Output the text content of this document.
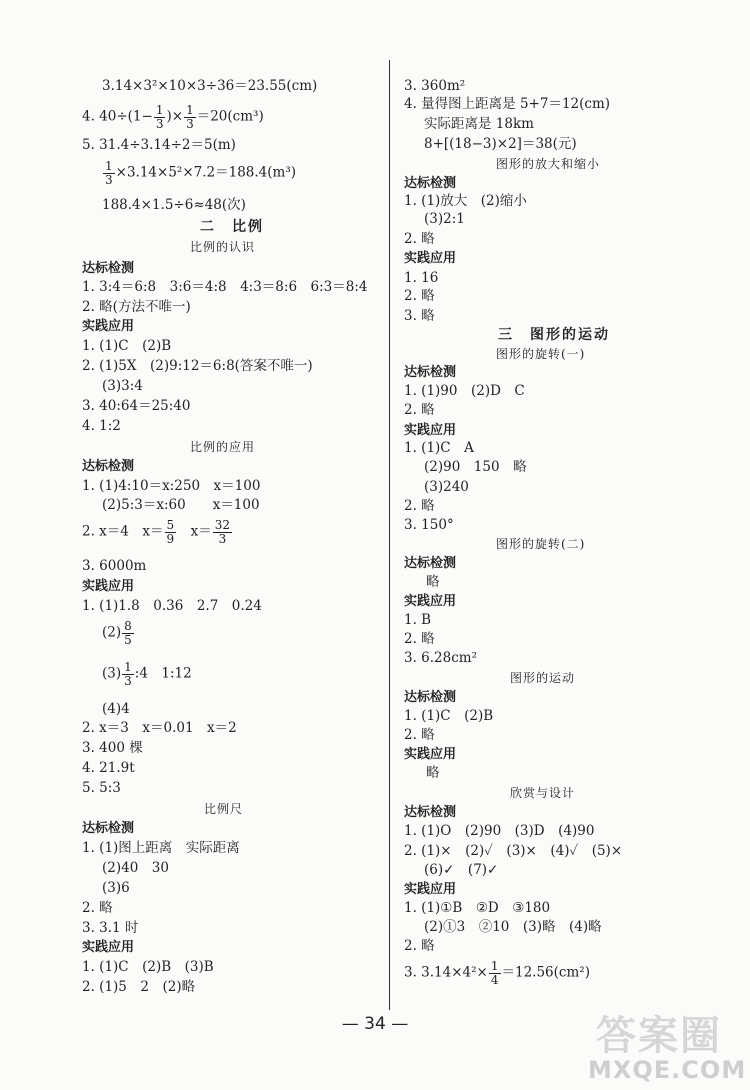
3.14×3²×10×3÷36＝23.55(cm)
4. $40\div(1- \frac{1}{3}$ )× $\frac{1}{3} =20(cm^3)$
5. 31.4÷3.14÷2＝5(m)
$\frac{1}{3} \times 3.14\times 5^2\times 7.2=188.4(m^3)$
188.4×1.5÷6≈48(次)
二　比例
比例的认识
达标检测
1. 3:4＝6:8　3:6＝4:8　4:3＝8:6　6:3＝8:4
2. 略(方法不唯一)
实践应用
1. (1)C　(2)B
2. (1)5X　(2)9:12＝6:8(答案不唯一)
(3)3:4
3. 40:64＝25:40
4. 1:2
比例的应用
达标检测
1. (1)4:10＝x:250　x＝100
(2)5:3＝x:60　　x＝100
2. x＝4　$x= \frac{5}{9}$ 　$x= \frac{32}{3}$
3. 6000m
实践应用
1. (1)1.8　0.36　2.7　0.24
$(2) \frac{8}{5}$
$(3) \frac{1}{3}$ :4　1:12
(4)4
2. x＝3　x＝0.01　x＝2
3. 400 棵
4. 21.9t
5. 5:3
比例尺
达标检测
1. (1)图上距离　实际距离
(2)40　30
(3)6
2. 略
3. 3.1 时
实践应用
1. (1)C　(2)B　(3)B
2. (1)5　2　(2)略
3. 360m²
4. 量得图上距离是 5+7＝12(cm)
实际距离是 18km
8+[(18−3)×2]＝38(元)
图形的放大和缩小
达标检测
1. (1)放大　(2)缩小
(3)2:1
2. 略
实践应用
1. 16
2. 略
3. 略
三　图形的运动
图形的旋转(一)
达标检测
1. (1)90　(2)D　C
2. 略
实践应用
1. (1)C　A
(2)90　150　略
(3)240
2. 略
3. 150°
图形的旋转(二)
达标检测
略
实践应用
1. B
2. 略
3. 6.28cm²
图形的运动
达标检测
1. (1)C　(2)B
2. 略
实践应用
略
欣赏与设计
达标检测
1. (1)O　(2)90　(3)D　(4)90
2. (1)×　(2)✓　(3)×　(4)✓　(5)×
(6)✓　(7)✓
实践应用
1. (1)①B　②D　③180
(2)①3　②10　(3)略　(4)略
2. 略
3. $3.14\times 4^2\times \frac{1}{4} =12.56(cm^2)$
— 34 —	答案圈
MXQE.COM
